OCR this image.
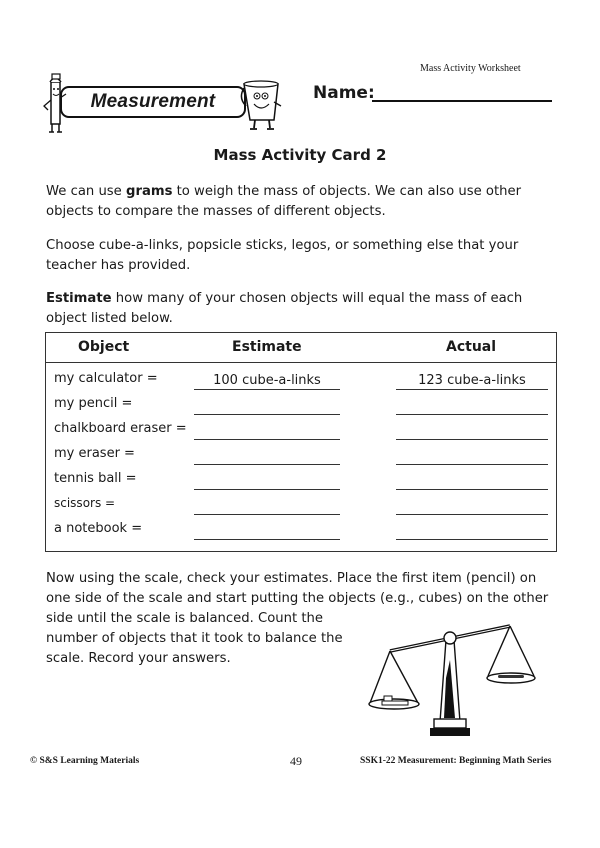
Mass Activity Worksheet
Measurement	Name:
Mass Activity Card 2
We can use grams to weigh the mass of objects. We can also use other objects to compare the masses of different objects.
Choose cube-a-links, popsicle sticks, legos, or something else that your teacher has provided.
Estimate how many of your chosen objects will equal the mass of each object listed below.
Object	Estimate	Actual
my calculator =	100 cube-a-links	123 cube-a-links
my pencil =
chalkboard eraser =
my eraser =
tennis ball =
scissors =
a notebook =
Now using the scale, check your estimates. Place the first item (pencil) on
one side of the scale and start putting the objects (e.g., cubes) on the other
side until the scale is balanced. Count the
number of objects that it took to balance the
scale. Record your answers.
© S&S Learning Materials	49	SSK1-22 Measurement: Beginning Math Series
